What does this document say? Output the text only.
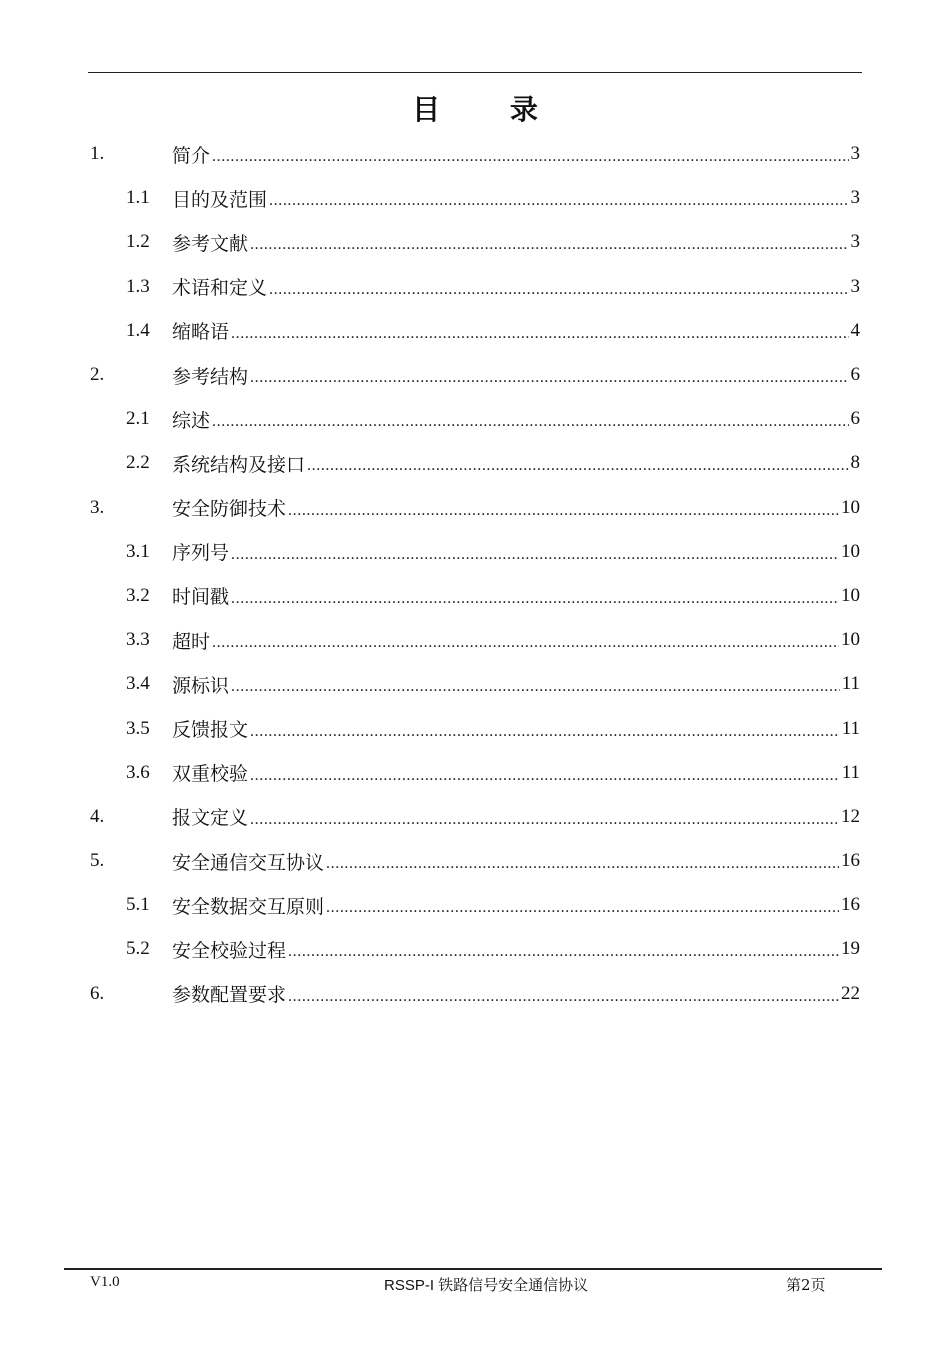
目 录
1.	简介 .....	3
1.1	目的及范围 .....	3
1.2	参考文献 .....	3
1.3	术语和定义 .....	3
1.4	缩略语 .....	4
2.	参考结构 .....	6
2.1	综述 .....	6
2.2	系统结构及接口 .....	8
3.	安全防御技术 .....	10
3.1	序列号 .....	10
3.2	时间戳 .....	10
3.3	超时 .....	10
3.4	源标识 .....	11
3.5	反馈报文 .....	11
3.6	双重校验 .....	11
4.	报文定义 .....	12
5.	安全通信交互协议 .....	16
5.1	安全数据交互原则 .....	16
5.2	安全校验过程 .....	19
6.	参数配置要求 .....	22
V1.0	RSSP-I 铁路信号安全通信协议	第2页
